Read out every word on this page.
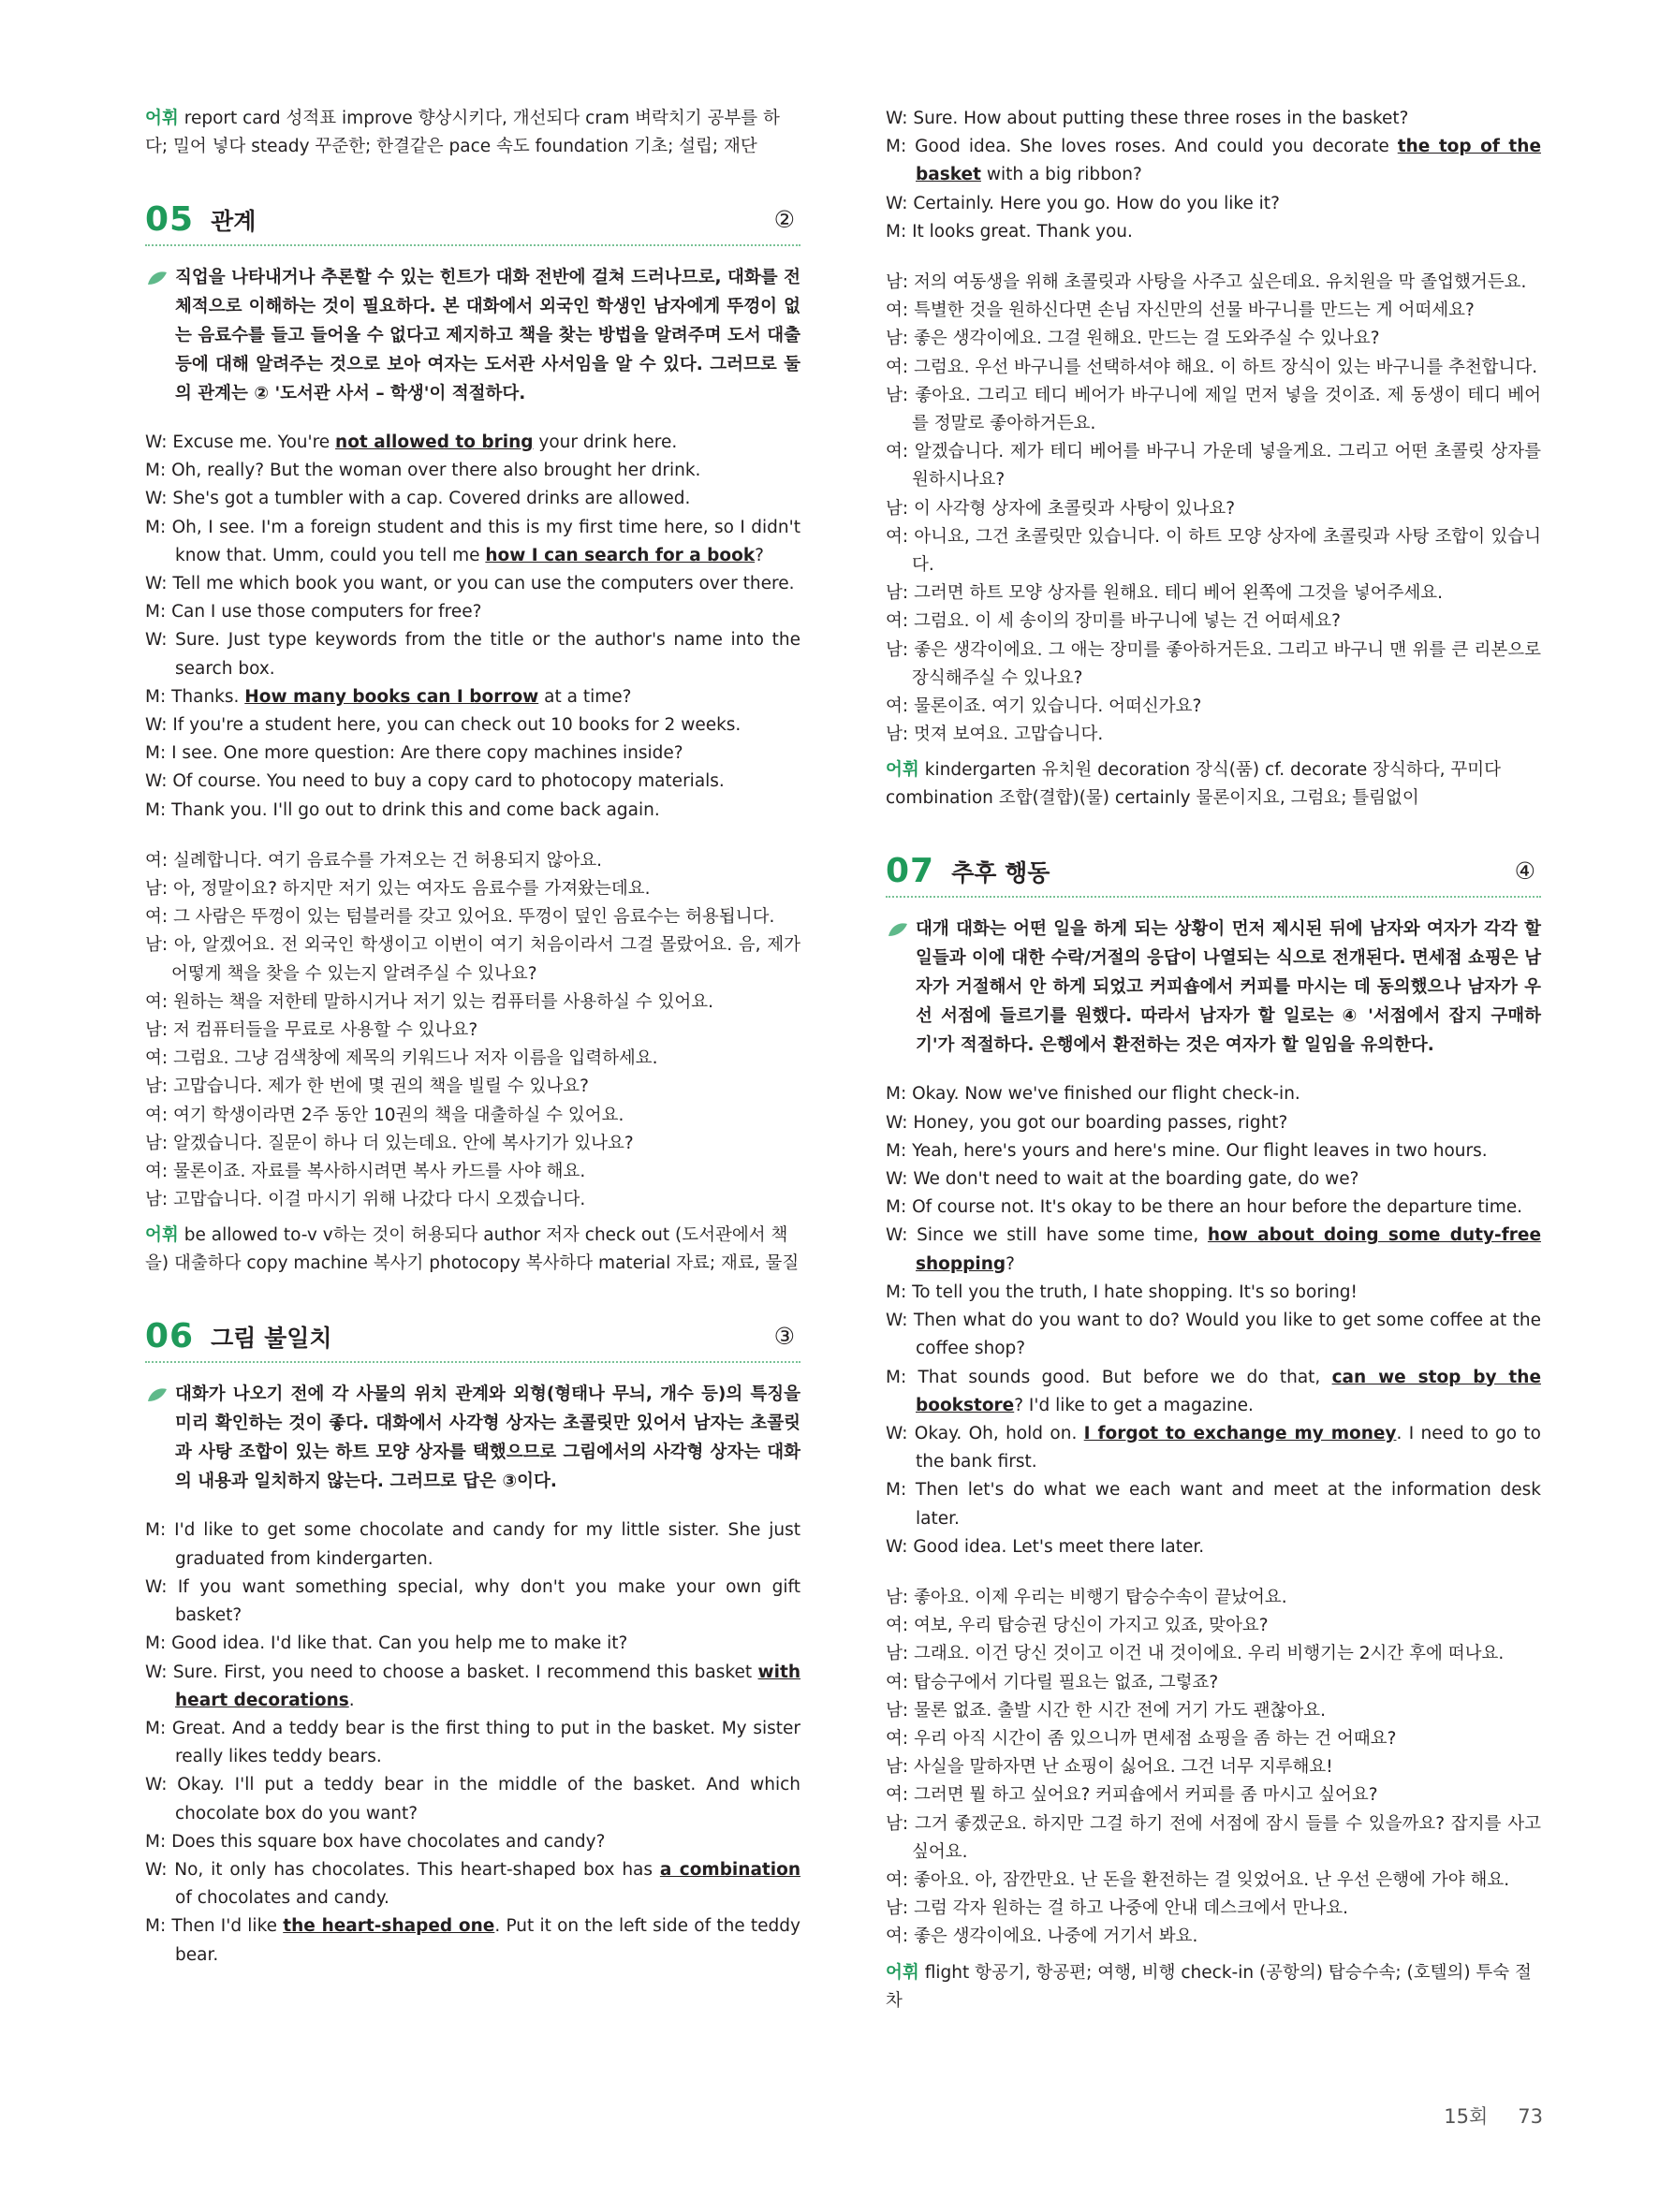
어휘 report card 성적표 improve 향상시키다, 개선되다 cram 벼락치기 공부를 하다; 밀어 넣다 steady 꾸준한; 한결같은 pace 속도 foundation 기초; 설립; 재단

05 관계	②
직업을 나타내거나 추론할 수 있는 힌트가 대화 전반에 걸쳐 드러나므로, 대화를 전체적으로 이해하는 것이 필요하다. 본 대화에서 외국인 학생인 남자에게 뚜껑이 없는 음료수를 들고 들어올 수 없다고 제지하고 책을 찾는 방법을 알려주며 도서 대출 등에 대해 알려주는 것으로 보아 여자는 도서관 사서임을 알 수 있다. 그러므로 둘의 관계는 ② '도서관 사서 – 학생'이 적절하다.

W: Excuse me. You're not allowed to bring your drink here.

M: Oh, really? But the woman over there also brought her drink.

W: She's got a tumbler with a cap. Covered drinks are allowed.

M: Oh, I see. I'm a foreign student and this is my first time here, so I didn't know that. Umm, could you tell me how I can search for a book?

W: Tell me which book you want, or you can use the computers over there.

M: Can I use those computers for free?

W: Sure. Just type keywords from the title or the author's name into the search box.

M: Thanks. How many books can I borrow at a time?

W: If you're a student here, you can check out 10 books for 2 weeks.

M: I see. One more question: Are there copy machines inside?

W: Of course. You need to buy a copy card to photocopy materials.

M: Thank you. I'll go out to drink this and come back again.

여: 실례합니다. 여기 음료수를 가져오는 건 허용되지 않아요.

남: 아, 정말이요? 하지만 저기 있는 여자도 음료수를 가져왔는데요.

여: 그 사람은 뚜껑이 있는 텀블러를 갖고 있어요. 뚜껑이 덮인 음료수는 허용됩니다.

남: 아, 알겠어요. 전 외국인 학생이고 이번이 여기 처음이라서 그걸 몰랐어요. 음, 제가 어떻게 책을 찾을 수 있는지 알려주실 수 있나요?

여: 원하는 책을 저한테 말하시거나 저기 있는 컴퓨터를 사용하실 수 있어요.

남: 저 컴퓨터들을 무료로 사용할 수 있나요?

여: 그럼요. 그냥 검색창에 제목의 키워드나 저자 이름을 입력하세요.

남: 고맙습니다. 제가 한 번에 몇 권의 책을 빌릴 수 있나요?

여: 여기 학생이라면 2주 동안 10권의 책을 대출하실 수 있어요.

남: 알겠습니다. 질문이 하나 더 있는데요. 안에 복사기가 있나요?

여: 물론이죠. 자료를 복사하시려면 복사 카드를 사야 해요.

남: 고맙습니다. 이걸 마시기 위해 나갔다 다시 오겠습니다.

어휘 be allowed to-v v하는 것이 허용되다 author 저자 check out (도서관에서 책을) 대출하다 copy machine 복사기 photocopy 복사하다 material 자료; 재료, 물질

06 그림 불일치	③
대화가 나오기 전에 각 사물의 위치 관계와 외형(형태나 무늬, 개수 등)의 특징을 미리 확인하는 것이 좋다. 대화에서 사각형 상자는 초콜릿만 있어서 남자는 초콜릿과 사탕 조합이 있는 하트 모양 상자를 택했으므로 그림에서의 사각형 상자는 대화의 내용과 일치하지 않는다. 그러므로 답은 ③이다.

M: I'd like to get some chocolate and candy for my little sister. She just graduated from kindergarten.

W: If you want something special, why don't you make your own gift basket?

M: Good idea. I'd like that. Can you help me to make it?

W: Sure. First, you need to choose a basket. I recommend this basket with heart decorations.

M: Great. And a teddy bear is the first thing to put in the basket. My sister really likes teddy bears.

W: Okay. I'll put a teddy bear in the middle of the basket. And which chocolate box do you want?

M: Does this square box have chocolates and candy?

W: No, it only has chocolates. This heart-shaped box has a combination of chocolates and candy.

M: Then I'd like the heart-shaped one. Put it on the left side of the teddy bear.

W: Sure. How about putting these three roses in the basket?

M: Good idea. She loves roses. And could you decorate the top of the basket with a big ribbon?

W: Certainly. Here you go. How do you like it?

M: It looks great. Thank you.

남: 저의 여동생을 위해 초콜릿과 사탕을 사주고 싶은데요. 유치원을 막 졸업했거든요.

여: 특별한 것을 원하신다면 손님 자신만의 선물 바구니를 만드는 게 어떠세요?

남: 좋은 생각이에요. 그걸 원해요. 만드는 걸 도와주실 수 있나요?

여: 그럼요. 우선 바구니를 선택하셔야 해요. 이 하트 장식이 있는 바구니를 추천합니다.

남: 좋아요. 그리고 테디 베어가 바구니에 제일 먼저 넣을 것이죠. 제 동생이 테디 베어를 정말로 좋아하거든요.

여: 알겠습니다. 제가 테디 베어를 바구니 가운데 넣을게요. 그리고 어떤 초콜릿 상자를 원하시나요?

남: 이 사각형 상자에 초콜릿과 사탕이 있나요?

여: 아니요, 그건 초콜릿만 있습니다. 이 하트 모양 상자에 초콜릿과 사탕 조합이 있습니다.

남: 그러면 하트 모양 상자를 원해요. 테디 베어 왼쪽에 그것을 넣어주세요.

여: 그럼요. 이 세 송이의 장미를 바구니에 넣는 건 어떠세요?

남: 좋은 생각이에요. 그 애는 장미를 좋아하거든요. 그리고 바구니 맨 위를 큰 리본으로 장식해주실 수 있나요?

여: 물론이죠. 여기 있습니다. 어떠신가요?

남: 멋져 보여요. 고맙습니다.

어휘 kindergarten 유치원 decoration 장식(품) cf. decorate 장식하다, 꾸미다 combination 조합(결합)(물) certainly 물론이지요, 그럼요; 틀림없이

07 추후 행동	④
대개 대화는 어떤 일을 하게 되는 상황이 먼저 제시된 뒤에 남자와 여자가 각각 할 일들과 이에 대한 수락/거절의 응답이 나열되는 식으로 전개된다. 면세점 쇼핑은 남자가 거절해서 안 하게 되었고 커피숍에서 커피를 마시는 데 동의했으나 남자가 우선 서점에 들르기를 원했다. 따라서 남자가 할 일로는 ④ '서점에서 잡지 구매하기'가 적절하다. 은행에서 환전하는 것은 여자가 할 일임을 유의한다.

M: Okay. Now we've finished our flight check-in.

W: Honey, you got our boarding passes, right?

M: Yeah, here's yours and here's mine. Our flight leaves in two hours.

W: We don't need to wait at the boarding gate, do we?

M: Of course not. It's okay to be there an hour before the departure time.

W: Since we still have some time, how about doing some duty-free shopping?

M: To tell you the truth, I hate shopping. It's so boring!

W: Then what do you want to do? Would you like to get some coffee at the coffee shop?

M: That sounds good. But before we do that, can we stop by the bookstore? I'd like to get a magazine.

W: Okay. Oh, hold on. I forgot to exchange my money. I need to go to the bank first.

M: Then let's do what we each want and meet at the information desk later.

W: Good idea. Let's meet there later.

남: 좋아요. 이제 우리는 비행기 탑승수속이 끝났어요.

여: 여보, 우리 탑승권 당신이 가지고 있죠, 맞아요?

남: 그래요. 이건 당신 것이고 이건 내 것이에요. 우리 비행기는 2시간 후에 떠나요.

여: 탑승구에서 기다릴 필요는 없죠, 그렇죠?

남: 물론 없죠. 출발 시간 한 시간 전에 거기 가도 괜찮아요.

여: 우리 아직 시간이 좀 있으니까 면세점 쇼핑을 좀 하는 건 어때요?

남: 사실을 말하자면 난 쇼핑이 싫어요. 그건 너무 지루해요!

여: 그러면 뭘 하고 싶어요? 커피숍에서 커피를 좀 마시고 싶어요?

남: 그거 좋겠군요. 하지만 그걸 하기 전에 서점에 잠시 들를 수 있을까요? 잡지를 사고 싶어요.

여: 좋아요. 아, 잠깐만요. 난 돈을 환전하는 걸 잊었어요. 난 우선 은행에 가야 해요.

남: 그럼 각자 원하는 걸 하고 나중에 안내 데스크에서 만나요.

여: 좋은 생각이에요. 나중에 거기서 봐요.

어휘 flight 항공기, 항공편; 여행, 비행 check-in (공항의) 탑승수속; (호텔의) 투숙 절차

15회 73
